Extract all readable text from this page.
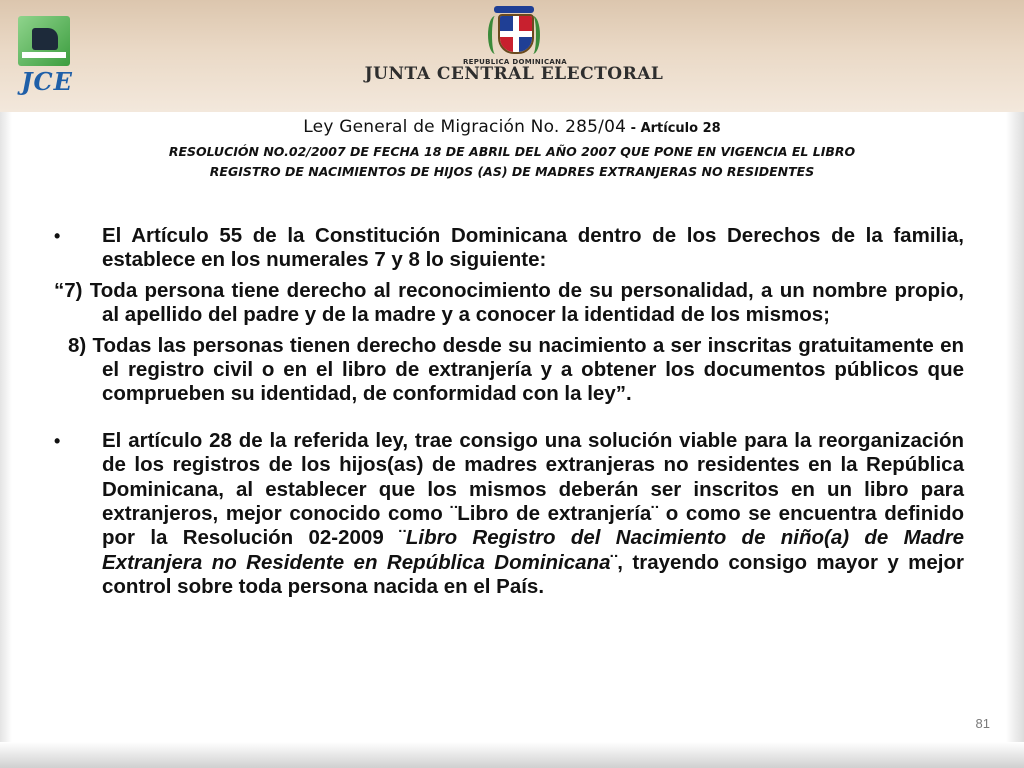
JCE
REPUBLICA DOMINICANA
JUNTA CENTRAL ELECTORAL
Ley General de Migración No. 285/04 - Artículo 28
RESOLUCIÓN NO.02/2007 DE FECHA 18 DE ABRIL DEL AÑO 2007 QUE PONE EN VIGENCIA EL LIBRO
REGISTRO DE NACIMIENTOS DE HIJOS (AS) DE MADRES EXTRANJERAS NO RESIDENTES
•	El Artículo 55 de la Constitución Dominicana dentro de los Derechos de la familia, establece en los numerales 7 y 8 lo siguiente:
“7) Toda persona tiene derecho al reconocimiento de su personalidad, a un nombre propio, al apellido del padre y de la madre y a conocer la identidad de los mismos;
8) Todas las personas tienen derecho desde su nacimiento a ser inscritas gratuitamente en el registro civil o en el libro de extranjería y a obtener los documentos públicos que comprueben su identidad, de conformidad con la ley”.
•	El artículo 28 de la referida ley, trae consigo una solución viable para la reorganización de los registros de los hijos(as) de madres extranjeras no residentes en la República Dominicana, al establecer que los mismos deberán ser inscritos en un libro para extranjeros, mejor conocido como ¨Libro de extranjería¨ o como se encuentra definido por la Resolución 02-2009 ¨Libro Registro del Nacimiento de niño(a) de Madre Extranjera no Residente en República Dominicana¨, trayendo consigo mayor y mejor control sobre toda persona nacida en el País.
81
